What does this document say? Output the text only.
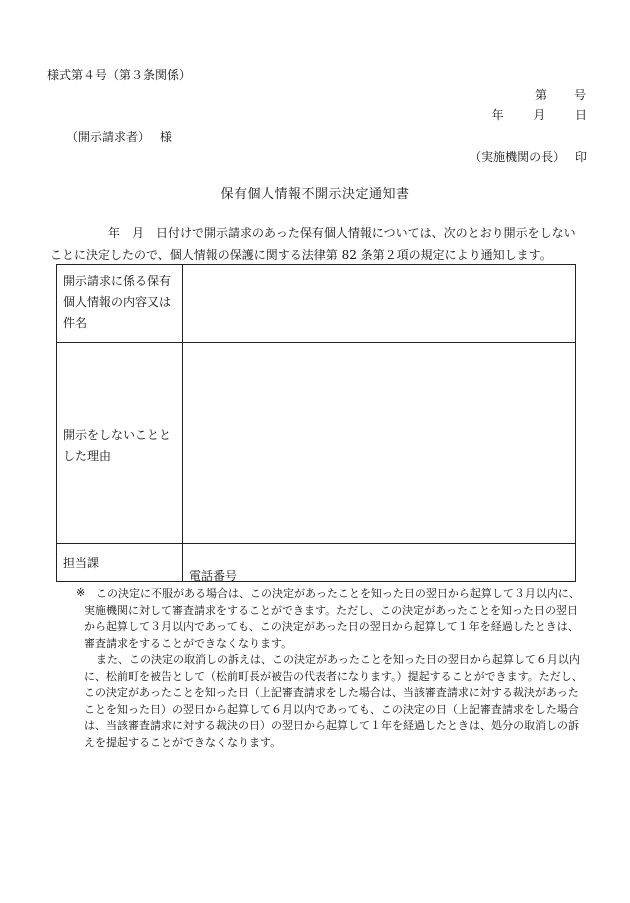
様式第４号（第３条関係）
第　　号
年 月 日
（開示請求者）　 様
（実施機関の長）　 印
保有個人情報不開示決定通知書
年　月　日付けで開示請求のあった保有個人情報については、次のとおり開示をしない
ことに決定したので、個人情報の保護に関する法律第 82 条第２項の規定により通知します。
開示請求に係る保有個人情報の内容又は件名
開示をしないこととした理由
担当課
電話番号
※ この決定に不服がある場合は、この決定があったことを知った日の翌日から起算して３月以内に、
実施機関に対して審査請求をすることができます。ただし、この決定があったことを知った日の翌日
から起算して３月以内であっても、この決定があった日の翌日から起算して１年を経過したときは、
審査請求をすることができなくなります。

また、この決定の取消しの訴えは、この決定があったことを知った日の翌日から起算して６月以内
に、松前町を被告として（松前町長が被告の代表者になります。）提起することができます。ただし、
この決定があったことを知った日（上記審査請求をした場合は、当該審査請求に対する裁決があった
ことを知った日）の翌日から起算して６月以内であっても、この決定の日（上記審査請求をした場合
は、当該審査請求に対する裁決の日）の翌日から起算して１年を経過したときは、処分の取消しの訴
えを提起することができなくなります。
